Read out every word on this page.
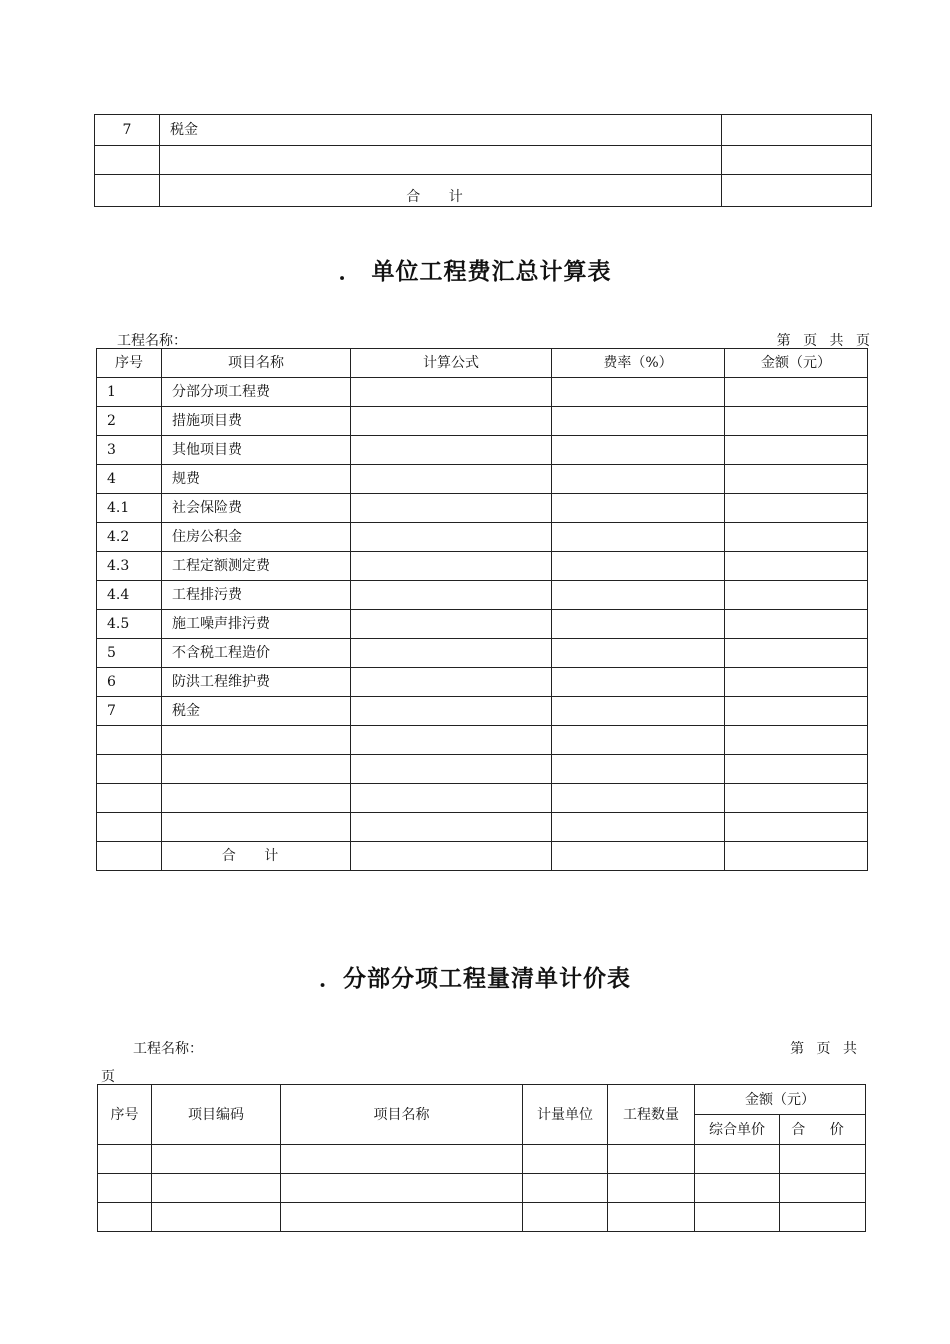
7	税金	

	合 计	
． 单位工程费汇总计算表
工程名称：	第 页 共 页
序号	项目名称	计算公式	费率（%）	金额（元）
1	分部分项工程费			
2	措施项目费			
3	其他项目费			
4	规费			
4.1	社会保险费			
4.2	住房公积金			
4.3	工程定额测定费			
4.4	工程排污费			
4.5	施工噪声排污费			
5	不含税工程造价			
6	防洪工程维护费			
7	税金			

	合 计			
．分部分项工程量清单计价表
工程名称：	第 页 共
页
序号	项目编码	项目名称	计量单位	工程数量	金额（元）	
					综合单价	合 价
